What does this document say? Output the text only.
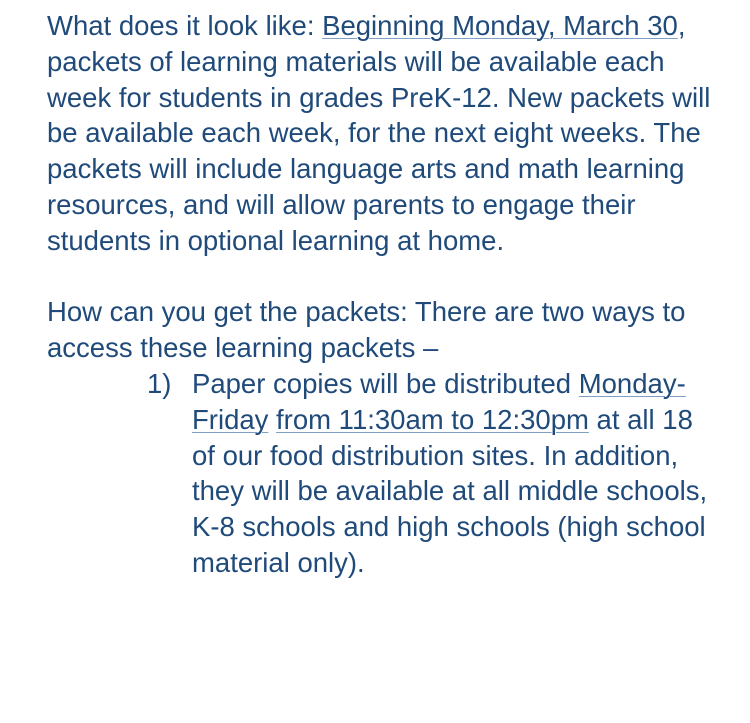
What does it look like: Beginning Monday, March 30, packets of learning materials will be available each week for students in grades PreK-12. New packets will be available each week, for the next eight weeks. The packets will include language arts and math learning resources, and will allow parents to engage their students in optional learning at home.

How can you get the packets: There are two ways to access these learning packets –

1) Paper copies will be distributed Monday-Friday from 11:30am to 12:30pm at all 18 of our food distribution sites. In addition, they will be available at all middle schools, K-8 schools and high schools (high school material only).
